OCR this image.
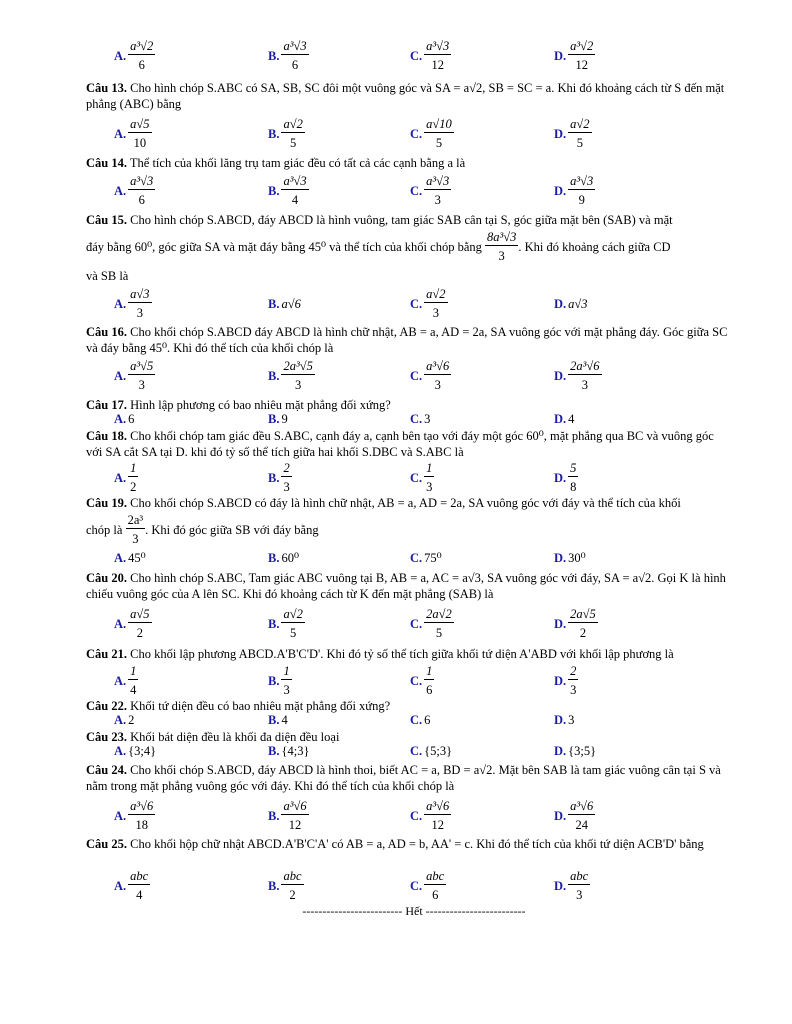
A. $\frac{\text{a³√2}}{6}$	B. $\frac{\text{a³√3}}{6}$	C. $\frac{\text{a³√3}}{12}$	D. $\frac{\text{a³√2}}{12}$
Câu 13. Cho hình chóp S.ABC có SA, SB, SC đôi một vuông góc và SA = a√2, SB = SC = a. Khi đó khoảng cách từ S đến mặt phẳng (ABC) bằng
A. $\frac{a√5}{10}$	B. $\frac{a√2}{5}$	C. $\frac{a√10}{5}$	D. $\frac{a√2}{5}$
Câu 14. Thể tích của khối lăng trụ tam giác đều có tất cả các cạnh bằng a là
A. $\frac{\text{a³√3}}{6}$	B. $\frac{\text{a³√3}}{4}$	C. $\frac{\text{a³√3}}{3}$	D. $\frac{\text{a³√3}}{9}$
Câu 15. Cho hình chóp S.ABCD, đáy ABCD là hình vuông, tam giác SAB cân tại S, góc giữa mặt bên (SAB) và mặt
đáy bằng 60⁰, góc giữa SA và mặt đáy bằng 45⁰ và thể tích của khối chóp bằng
$\frac{\text{8a³√3}}{3}$ . Khi đó khoảng cách giữa CD
và SB là
A. $\frac{a√3}{3}$	B. a√6	C. $\frac{a√2}{3}$	D. a√3
Câu 16. Cho khối chóp S.ABCD đáy ABCD là hình chữ nhật, AB = a, AD = 2a, SA vuông góc với mặt phẳng đáy. Góc giữa SC và đáy bằng 45⁰. Khi đó thể tích của khối chóp là
A. $\frac{\text{a³√5}}{3}$	B. $\frac{\text{2a³√5}}{3}$	C. $\frac{\text{a³√6}}{3}$	D. $\frac{\text{2a³√6}}{3}$
Câu 17. Hình lập phương có bao nhiêu mặt phẳng đối xứng?
A. 6	B. 9	C. 3	D. 4
Câu 18. Cho khối chóp tam giác đều S.ABC, cạnh đáy a, cạnh bên tạo với đáy một góc 60⁰, mặt phẳng qua BC và vuông góc với SA cắt SA tại D. khi đó tỷ số thể tích giữa hai khối S.DBC và S.ABC là
A. $\frac{1}{2}$	B. $\frac{2}{3}$	C. $\frac{1}{3}$	D. $\frac{5}{8}$
Câu 19. Cho khối chóp S.ABCD có đáy là hình chữ nhật, AB = a, AD = 2a, SA vuông góc với đáy và thể tích của khối
chóp là
$\frac{\text{2a³}}{3}$ . Khi đó góc giữa SB với đáy bằng
A. 45⁰	B. 60⁰	C. 75⁰	D. 30⁰
Câu 20. Cho hình chóp S.ABC, Tam giác ABC vuông tại B, AB = a, AC = a√3, SA vuông góc với đáy, SA = a√2. Gọi K là hình chiếu vuông góc của A lên SC. Khi đó khoảng cách từ K đến mặt phẳng (SAB) là
A. $\frac{a√5}{2}$	B. $\frac{a√2}{5}$	C. $\frac{2a√2}{5}$	D. $\frac{2a√5}{2}$
Câu 21. Cho khối lập phương ABCD.A'B'C'D'. Khi đó tỷ số thể tích giữa khối tứ diện A'ABD với khối lập phương là
A. $\frac{1}{4}$	B. $\frac{1}{3}$	C. $\frac{1}{6}$	D. $\frac{2}{3}$
Câu 22. Khối tứ diện đều có bao nhiêu mặt phẳng đối xứng?
A. 2	B. 4	C. 6	D. 3
Câu 23. Khối bát diện đều là khối đa diện đều loại
A. {3;4}	B. {4;3}	C. {5;3}	D. {3;5}
Câu 24. Cho khối chóp S.ABCD, đáy ABCD là hình thoi, biết AC = a, BD = a√2. Mặt bên SAB là tam giác vuông cân tại S và nằm trong mặt phẳng vuông góc với đáy. Khi đó thể tích của khối chóp là
A. $\frac{\text{a³√6}}{18}$	B. $\frac{\text{a³√6}}{12}$	C. $\frac{\text{a³√6}}{12}$	D. $\frac{\text{a³√6}}{24}$
Câu 25. Cho khối hộp chữ nhật ABCD.A'B'C'A' có AB = a, AD = b, AA' = c. Khi đó thể tích của khối tứ diện ACB'D' bằng
A. $\frac{\text{abc}}{4}$	B. $\frac{\text{abc}}{2}$	C. $\frac{\text{abc}}{6}$	D. $\frac{\text{abc}}{3}$
------------------------- Hết -------------------------
